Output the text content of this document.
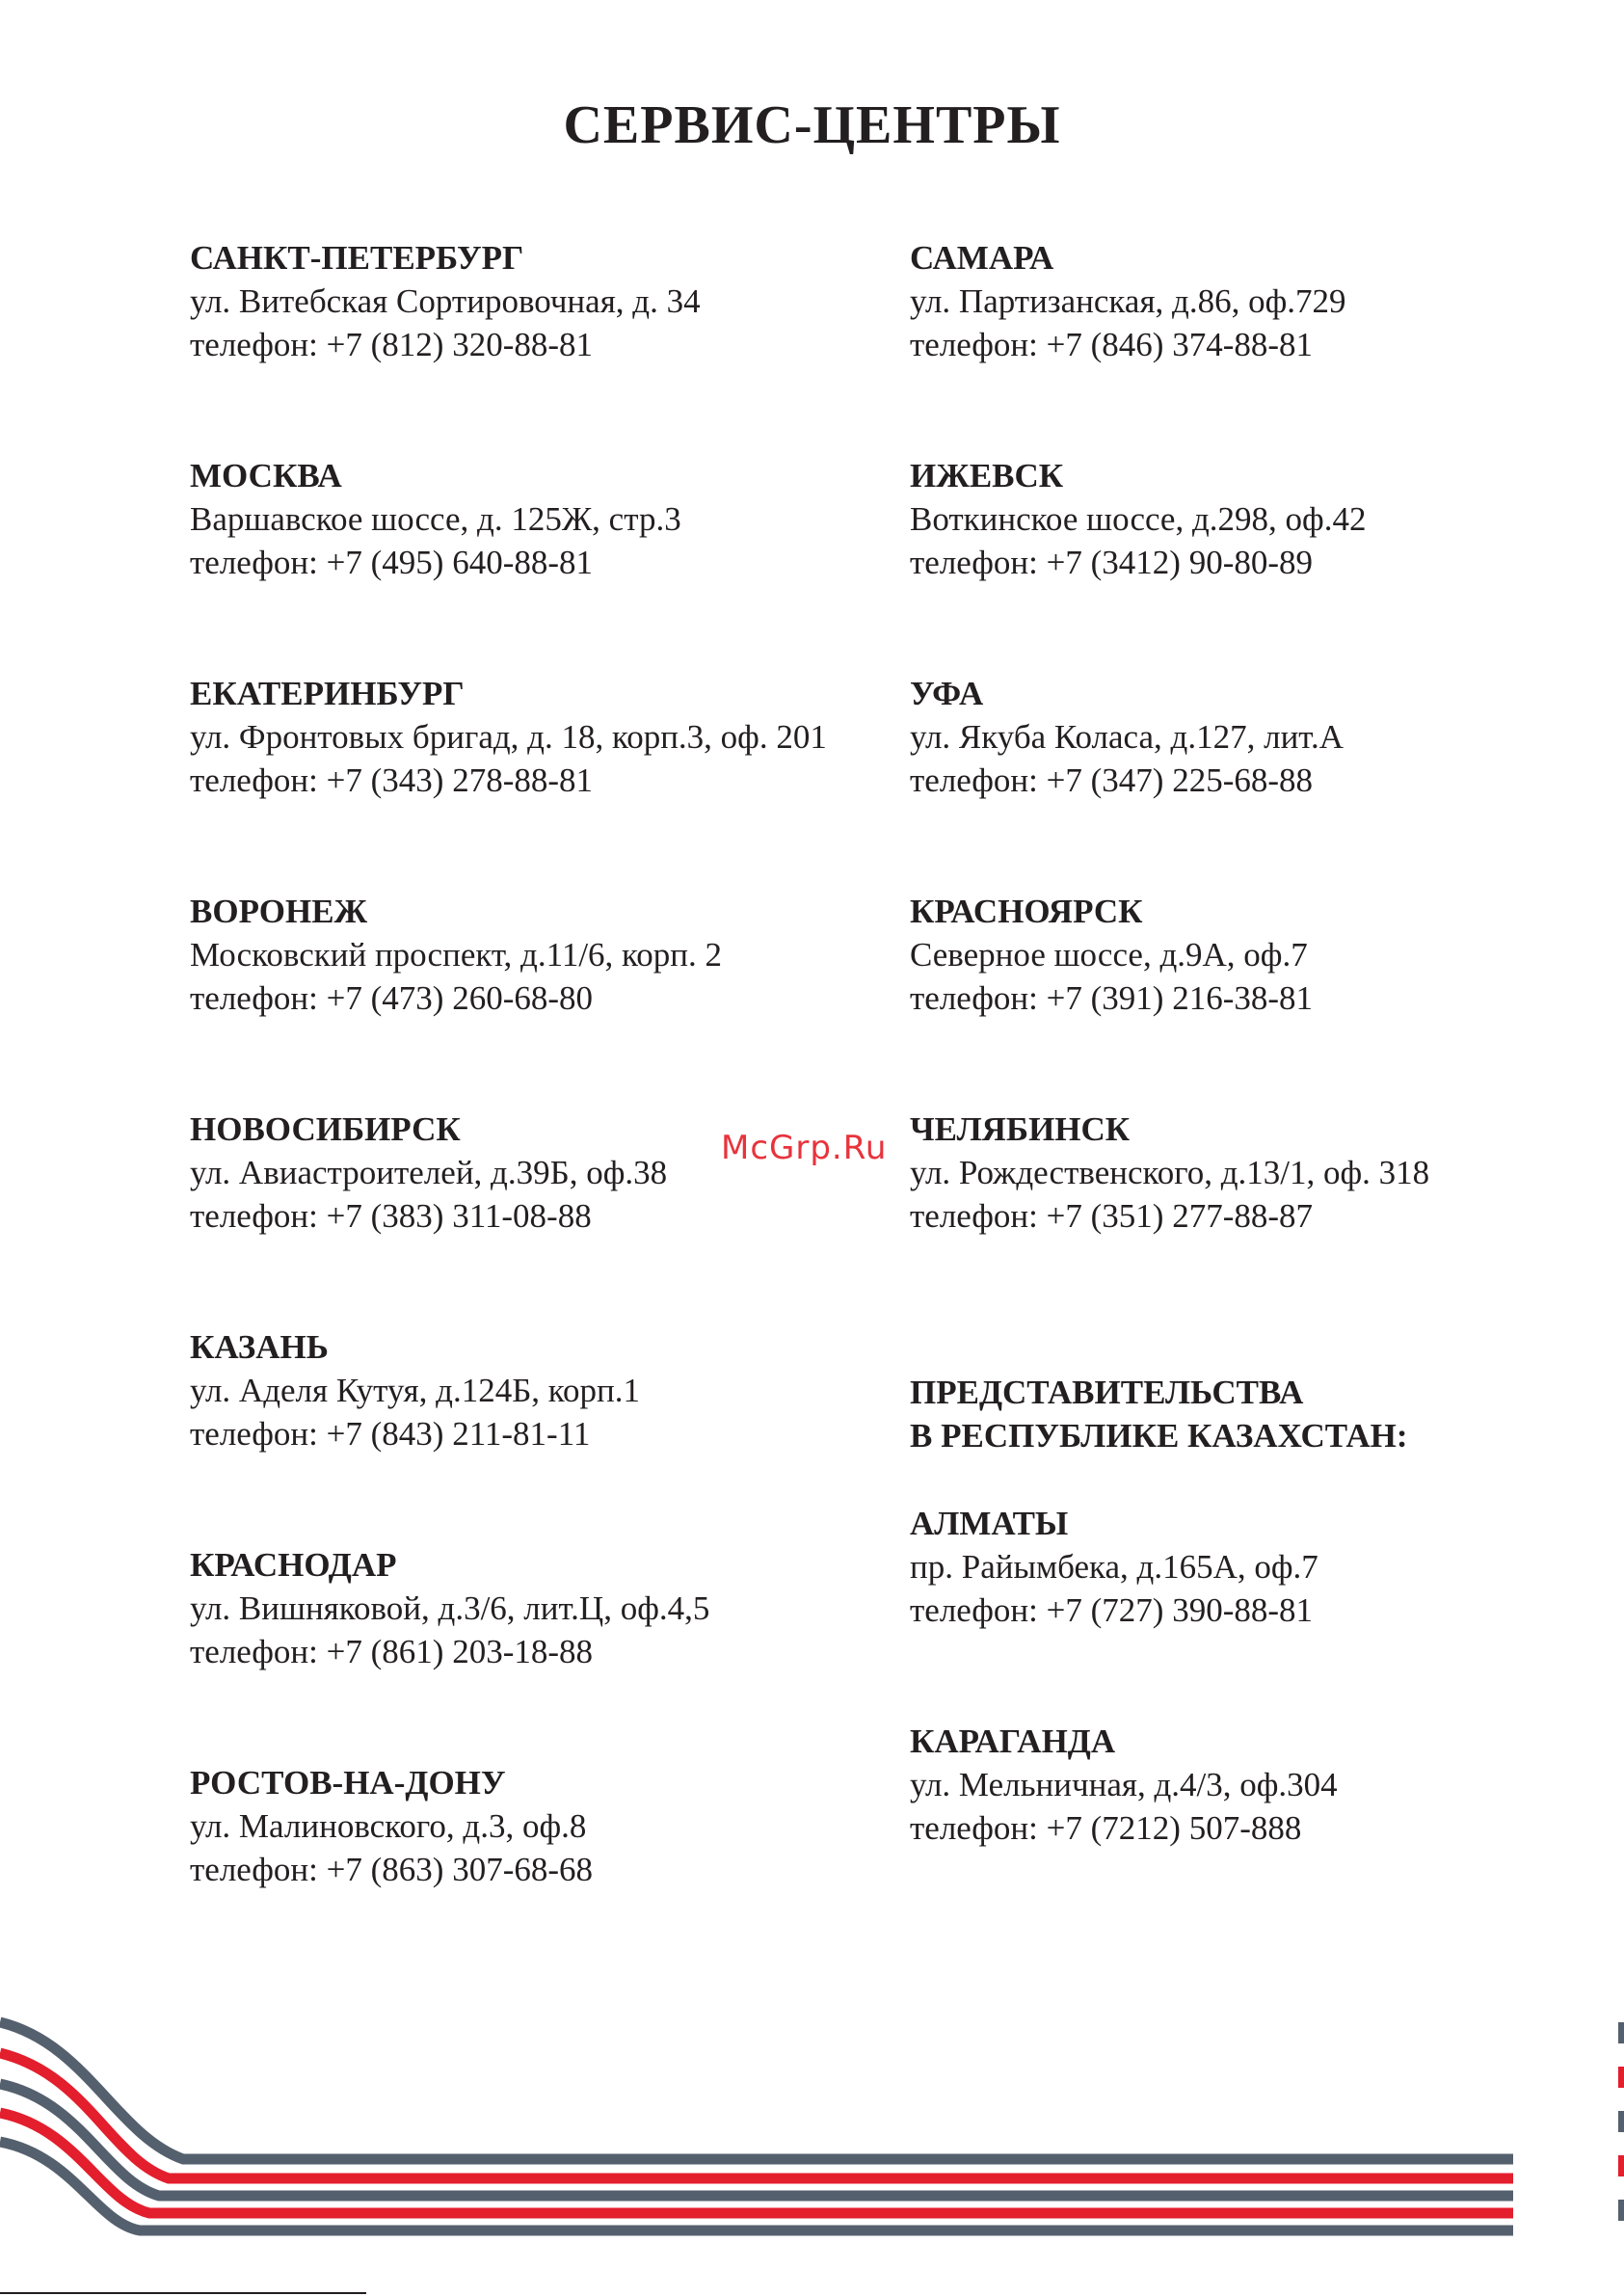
СЕРВИС-ЦЕНТРЫ
САНКТ-ПЕТЕРБУРГ
ул. Витебская Сортировочная, д. 34
телефон: +7 (812) 320-88-81
МОСКВА
Варшавское шоссе, д. 125Ж, стр.3
телефон: +7 (495) 640-88-81
ЕКАТЕРИНБУРГ
ул. Фронтовых бригад, д. 18, корп.3, оф. 201
телефон: +7 (343) 278-88-81
ВОРОНЕЖ
Московский проспект, д.11/6, корп. 2
телефон: +7 (473) 260-68-80
НОВОСИБИРСК
ул. Авиастроителей, д.39Б, оф.38
телефон: +7 (383) 311-08-88
КАЗАНЬ
ул. Аделя Кутуя, д.124Б, корп.1
телефон: +7 (843) 211-81-11
КРАСНОДАР
ул. Вишняковой, д.3/6, лит.Ц, оф.4,5
телефон: +7 (861) 203-18-88
РОСТОВ-НА-ДОНУ
ул. Малиновского, д.3, оф.8
телефон: +7 (863) 307-68-68
САМАРА
ул. Партизанская, д.86, оф.729
телефон: +7 (846) 374-88-81
ИЖЕВСК
Воткинское шоссе, д.298, оф.42
телефон: +7 (3412) 90-80-89
УФА
ул. Якуба Коласа, д.127, лит.А
телефон: +7 (347) 225-68-88
КРАСНОЯРСК
Северное шоссе, д.9А, оф.7
телефон: +7 (391) 216-38-81
ЧЕЛЯБИНСК
ул. Рождественского, д.13/1, оф. 318
телефон: +7 (351) 277-88-87
ПРЕДСТАВИТЕЛЬСТВА
В РЕСПУБЛИКЕ КАЗАХСТАН:
АЛМАТЫ
пр. Райымбека, д.165А, оф.7
телефон: +7 (727) 390-88-81
КАРАГАНДА
ул. Мельничная, д.4/3, оф.304
телефон: +7 (7212) 507-888
McGrp.Ru
